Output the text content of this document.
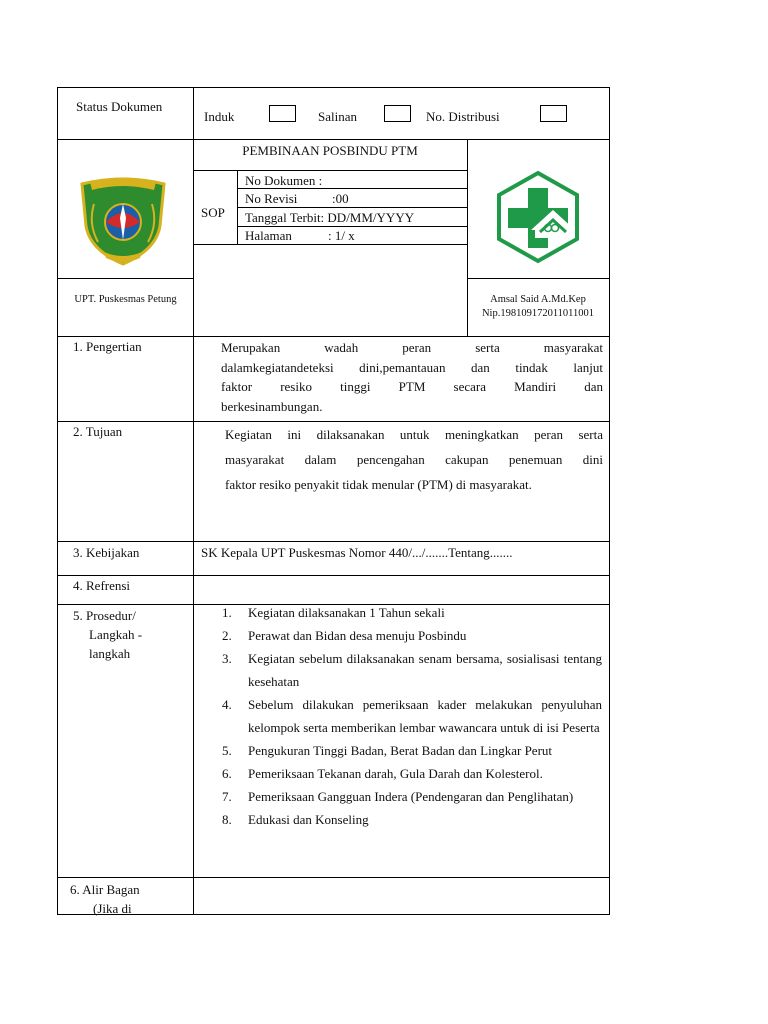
Status Dokumen
Induk	Salinan	No. Distribusi
PEMBINAAN POSBINDU PTM
SOP
No Dokumen :
No Revisi	:00
Tanggal Terbit: DD/MM/YYYY
Halaman	: 1/ x
UPT. Puskesmas Petung	Amsal Said A.Md.Kep
Nip.198109172011011001
1. Pengertian	Merupakan wadah peran serta masyarakat
dalamkegiatandeteksi dini,pemantauan dan tindak lanjut
faktor resiko tinggi PTM secara Mandiri dan
berkesinambungan.
2. Tujuan	Kegiatan ini dilaksanakan untuk meningkatkan peran serta
masyarakat dalam pencengahan cakupan penemuan dini
faktor resiko penyakit tidak menular (PTM) di masyarakat.
3. Kebijakan	SK Kepala UPT Puskesmas Nomor 440/.../.......Tentang.......
4. Refrensi
5. Prosedur/
Langkah -
langkah
1. Kegiatan dilaksanakan 1 Tahun sekali
2. Perawat dan Bidan desa menuju Posbindu
3. Kegiatan sebelum dilaksanakan senam bersama, sosialisasi tentang kesehatan
4. Sebelum dilakukan pemeriksaan kader melakukan penyuluhan kelompok serta memberikan lembar wawancara untuk di isi Peserta
5. Pengukuran Tinggi Badan, Berat Badan dan Lingkar Perut
6. Pemeriksaan Tekanan darah, Gula Darah dan Kolesterol.
7. Pemeriksaan Gangguan Indera (Pendengaran dan Penglihatan)
8. Edukasi dan Konseling
6. Alir Bagan
(Jika di
